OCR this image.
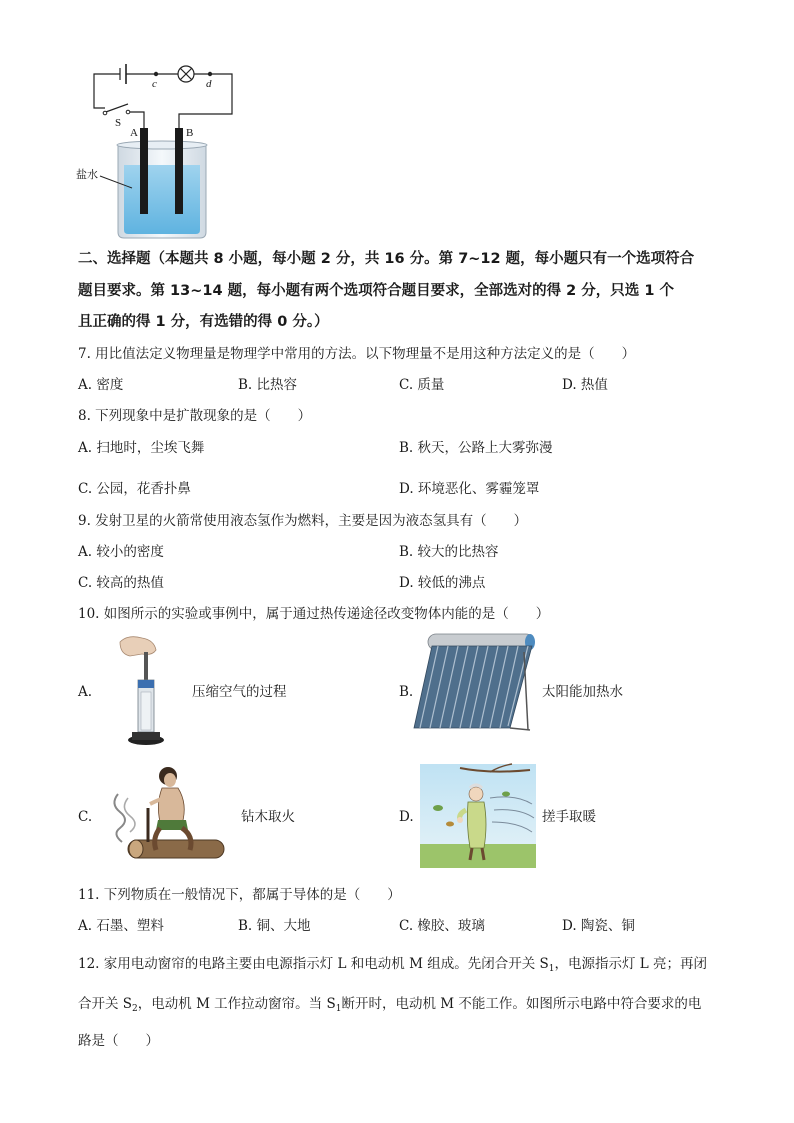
c	d
S
A	B
盐水
二、选择题（本题共 8 小题，每小题 2 分，共 16 分。第 7~12 题，每小题只有一个选项符合
题目要求。第 13~14 题，每小题有两个选项符合题目要求，全部选对的得 2 分，只选 1 个
且正确的得 1 分，有选错的得 0 分。）
7. 用比值法定义物理量是物理学中常用的方法。以下物理量不是用这种方法定义的是（　　）
A. 密度	B. 比热容	C. 质量	D. 热值
8. 下列现象中是扩散现象的是（　　）
A. 扫地时，尘埃飞舞	B. 秋天，公路上大雾弥漫
C. 公园，花香扑鼻	D. 环境恶化、雾霾笼罩
9. 发射卫星的火箭常使用液态氢作为燃料，主要是因为液态氢具有（　　）
A. 较小的密度	B. 较大的比热容
C. 较高的热值	D. 较低的沸点
10. 如图所示的实验或事例中，属于通过热传递途径改变物体内能的是（　　）
A.	压缩空气的过程	B.	太阳能加热水
C.	钻木取火	D.	搓手取暖
11. 下列物质在一般情况下，都属于导体的是（　　）
A. 石墨、塑料	B. 铜、大地	C. 橡胶、玻璃	D. 陶瓷、铜
12. 家用电动窗帘的电路主要由电源指示灯 L 和电动机 M 组成。先闭合开关 $S_1$，电源指示灯 L 亮；再闭
合开关 $S_2$，电动机 M 工作拉动窗帘。当 $S_1$断开时，电动机 M 不能工作。如图所示电路中符合要求的电
路是（　　）
